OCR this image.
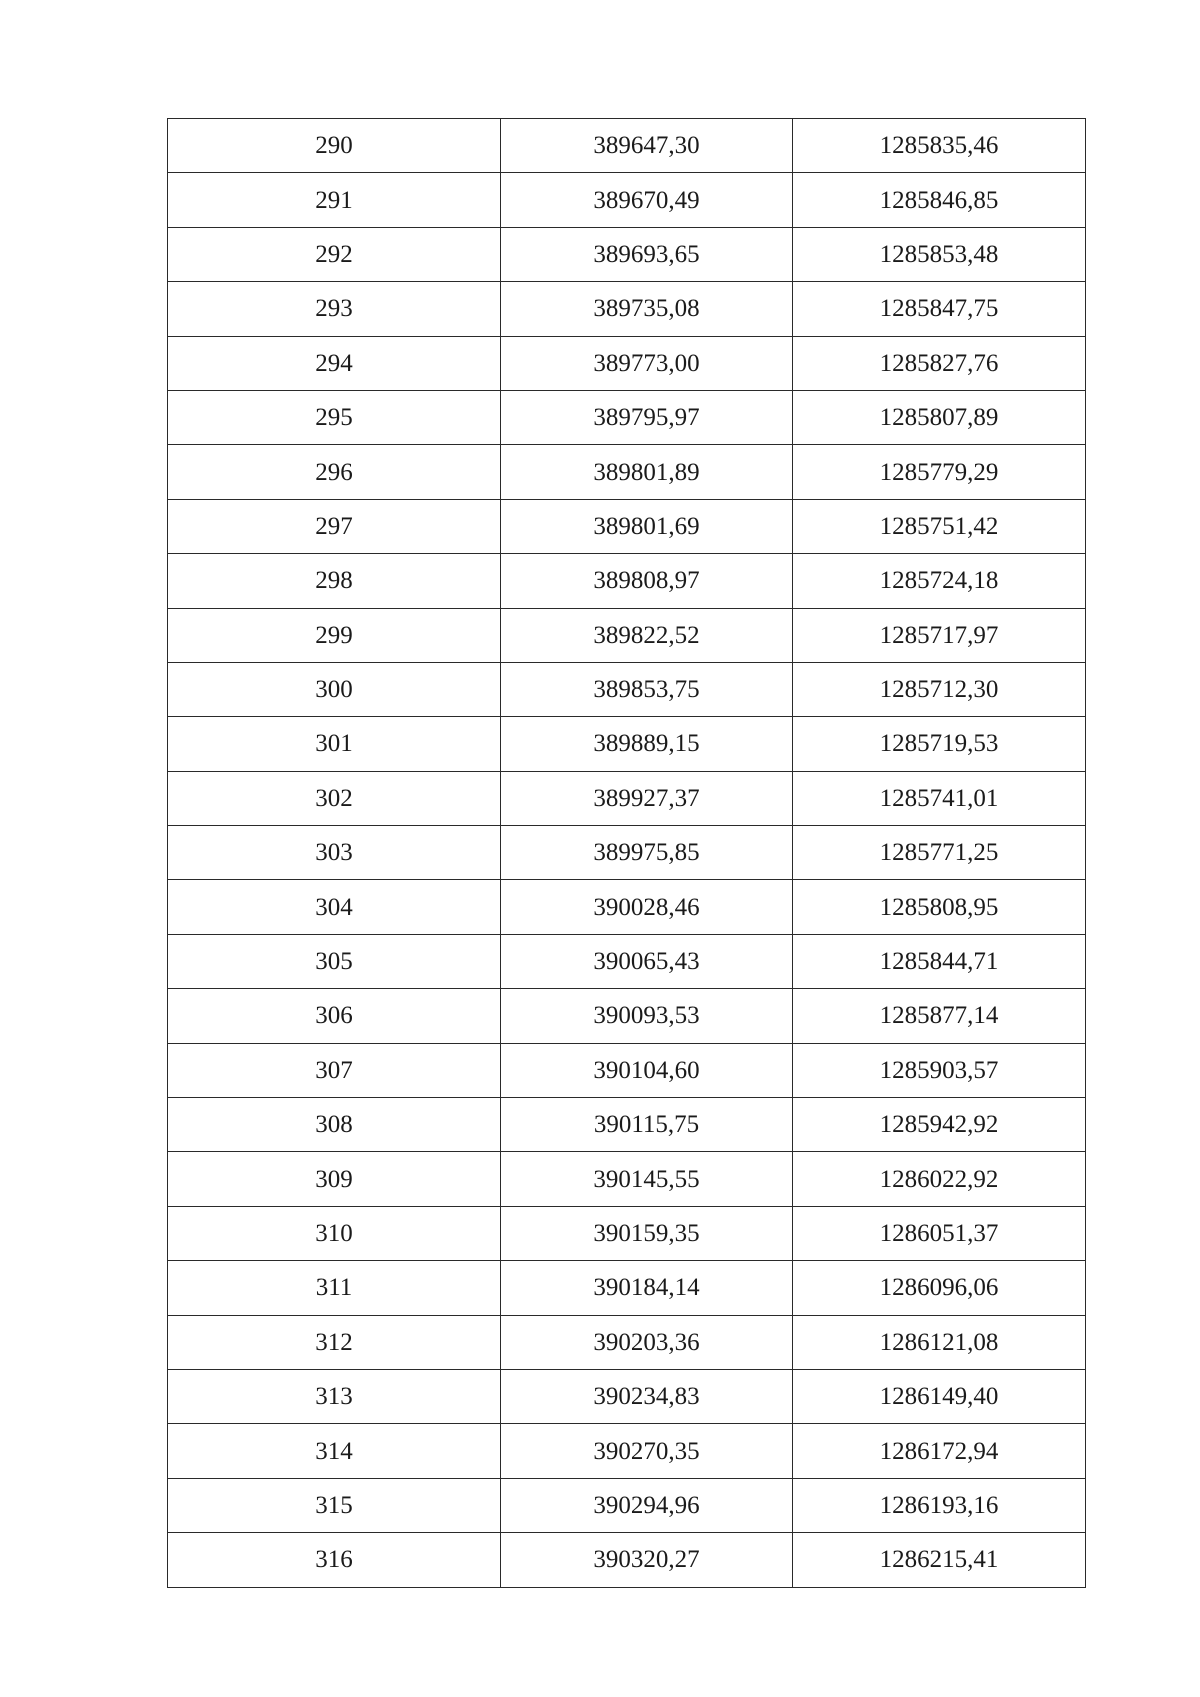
290	389647,30	1285835,46
291	389670,49	1285846,85
292	389693,65	1285853,48
293	389735,08	1285847,75
294	389773,00	1285827,76
295	389795,97	1285807,89
296	389801,89	1285779,29
297	389801,69	1285751,42
298	389808,97	1285724,18
299	389822,52	1285717,97
300	389853,75	1285712,30
301	389889,15	1285719,53
302	389927,37	1285741,01
303	389975,85	1285771,25
304	390028,46	1285808,95
305	390065,43	1285844,71
306	390093,53	1285877,14
307	390104,60	1285903,57
308	390115,75	1285942,92
309	390145,55	1286022,92
310	390159,35	1286051,37
311	390184,14	1286096,06
312	390203,36	1286121,08
313	390234,83	1286149,40
314	390270,35	1286172,94
315	390294,96	1286193,16
316	390320,27	1286215,41
